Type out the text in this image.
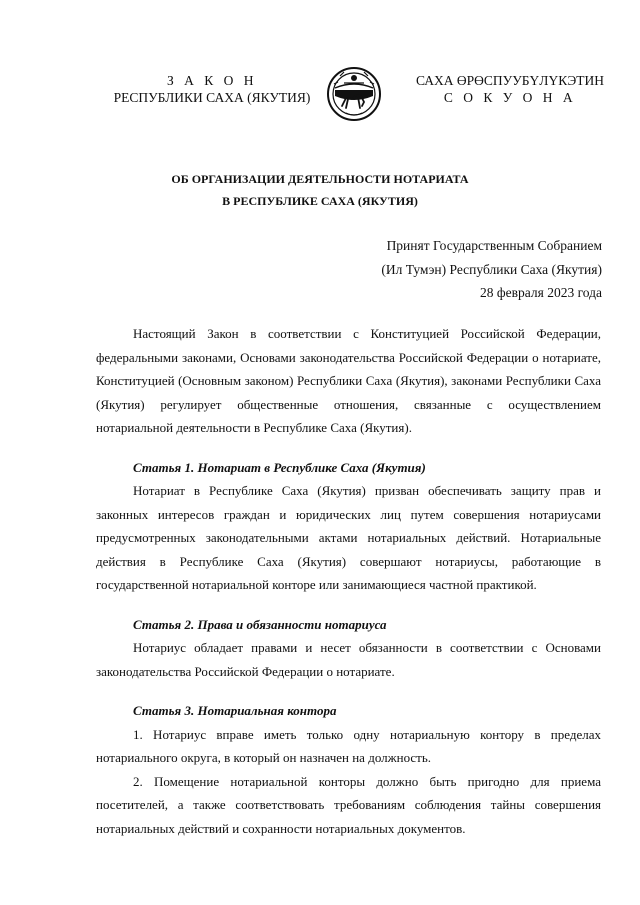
З А К О Н
РЕСПУБЛИКИ САХА (ЯКУТИЯ)
САХА ӨРӨСПУУБҮЛҮКЭТИН
С О К У О Н А
ОБ ОРГАНИЗАЦИИ ДЕЯТЕЛЬНОСТИ НОТАРИАТА
В РЕСПУБЛИКЕ САХА (ЯКУТИЯ)
Принят Государственным Собранием
(Ил Тумэн) Республики Саха (Якутия)
28 февраля 2023 года

Настоящий Закон в соответствии с Конституцией Российской Федерации, федеральными законами, Основами законодательства Российской Федерации о нотариате, Конституцией (Основным законом) Республики Саха (Якутия), законами Республики Саха (Якутия) регулирует общественные отношения, связанные с осуществлением нотариальной деятельности в Республике Саха (Якутия).

Статья 1. Нотариат в Республике Саха (Якутия)

Нотариат в Республике Саха (Якутия) призван обеспечивать защиту прав и законных интересов граждан и юридических лиц путем совершения нотариусами предусмотренных законодательными актами нотариальных действий. Нотариальные действия в Республике Саха (Якутия) совершают нотариусы, работающие в государственной нотариальной конторе или занимающиеся частной практикой.

Статья 2. Права и обязанности нотариуса

Нотариус обладает правами и несет обязанности в соответствии с Основами законодательства Российской Федерации о нотариате.

Статья 3. Нотариальная контора

1. Нотариус вправе иметь только одну нотариальную контору в пределах нотариального округа, в который он назначен на должность.

2. Помещение нотариальной конторы должно быть пригодно для приема посетителей, а также соответствовать требованиям соблюдения тайны совершения нотариальных действий и сохранности нотариальных документов.
